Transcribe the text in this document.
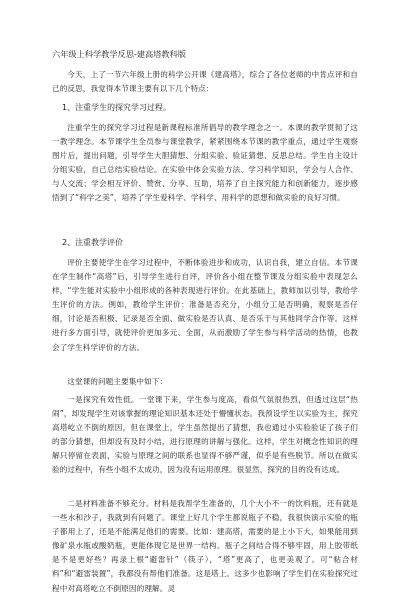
六年级上科学教学反思-建高塔教科版

今天，上了一节六年级上册的科学公开课《建高塔》，综合了各位老师的中肯点评和自己的反思，我觉得本节课主要有以下几个特点：

1、注重学生的探究学习过程。

注重学生的探究学习过程是新课程标准所倡导的教学理念之一。本课的教学贯彻了这一教学理念。本节课学生全员参与课堂教学，紧紧围绕本节课的教学重点，通过学生观察图片后，提出问题，引导学生大胆猜想、分组实验、验证猜想、反思总结。学生自主设计分组实验，自己总结实验结论。在实验中体会实验方法、学习科学知识，学会与人合作、与人交流；学会相互评价、赞赏、分享、互助，培养了自主探究能力和创新能力，逐步感悟到了“科学之美”，培养了学生爱科学、学科学、用科学的思想和做实验的良好习惯。

2、注重教学评价

评价主要使学生在学习过程中，不断体验进步和成功，认识自我，建立自信。本节课在学生制作“高塔”后，引导学生进行自评，评价各小组在整节课及分组实验中表现怎么样，“学生能对实验中小组形成的各种表现进行评价。在此基础上，教师加以引导，教给学生评价的方法。例如，教给学生评价：准备是否充分，小组分工是否明确，观察是否仔细，讨论是否积极、记录是否全面、做实验是否认真、是否乐于与其他同学合作等。这样进行多方面引导，就使评价更加多元、全面，从而激励了学生参与科学活动的热情，也教会了学生科学评价的方法。

这堂课的问题主要集中如下：

一是探究有效性低。一堂课下来，学生参与度高，看似气氛很热烈，但透过这层“热闹”，却发现学生对该掌握的理论知识基本还处于懵懂状态。我预设学生以实验为主，探究高塔屹立不倒的原因，但在课堂上，学生虽然提出了猜想，我也通过小实验验证了孩子们的部分猜想，但却没有及时小结，进行原理的讲解与强化。这样，学生对概念性知识的理解只停留在表面，实验与原理之间的联系也显得不够严谨，似乎是有些脱节。所以在做实验的过程中，有些小组不太成功，因为没有运用原理。很显然，探究的目的没有达成。

二是材料准备不够充分。材料是我帮学生准备的，几个大小不一的饮料瓶，还有就是一些水和沙子，我就到有问题了。课堂上好几个学生都说瓶子不稳，我很快演示实验的瓶子都用上了，还是不能满足他们的需要。比如：建高塔，需要的是上小下大，如果能用到像矿泉水瓶或酸奶瓶，更能体现它是世界一结构。瓶子之间结合得不够牢固，用上胶带纸是不是更好些？再录上根“避雷针”（筷子），“塔”更高了，也更美观了。可“粘合材料”和“避雷装置”，我都没有帮他们准备。这是塔上。这多少也影响了学生们在实验探究过程中对高塔屹立不倒原因的理解。灵
